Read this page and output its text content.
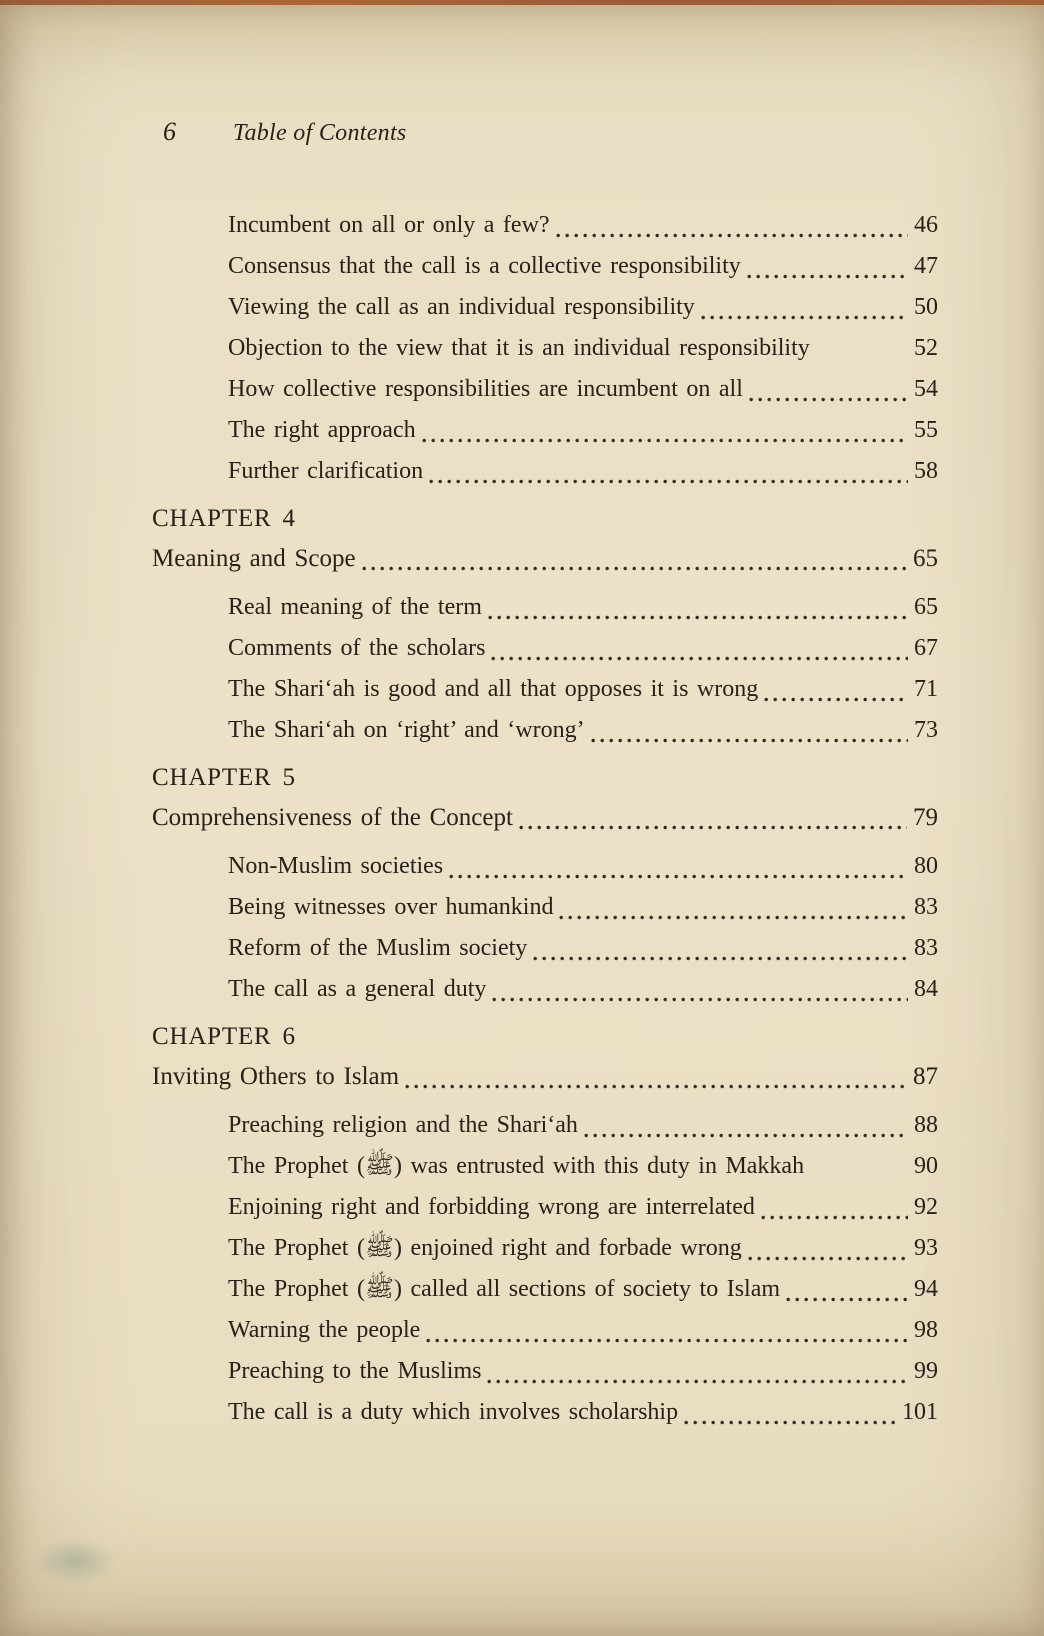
6 Table of Contents
Incumbent on all or only a few?	46
Consensus that the call is a collective responsibility	47
Viewing the call as an individual responsibility	50
Objection to the view that it is an individual responsibility	52
How collective responsibilities are incumbent on all	54
The right approach	55
Further clarification	58
CHAPTER 4
Meaning and Scope	65
Real meaning of the term	65
Comments of the scholars	67
The Shari‘ah is good and all that opposes it is wrong	71
The Shari‘ah on ‘right’ and ‘wrong’	73
CHAPTER 5
Comprehensiveness of the Concept	79
Non-Muslim societies	80
Being witnesses over humankind	83
Reform of the Muslim society	83
The call as a general duty	84
CHAPTER 6
Inviting Others to Islam	87
Preaching religion and the Shari‘ah	88
The Prophet (ﷺ) was entrusted with this duty in Makkah	90
Enjoining right and forbidding wrong are interrelated	92
The Prophet (ﷺ) enjoined right and forbade wrong	93
The Prophet (ﷺ) called all sections of society to Islam	94
Warning the people	98
Preaching to the Muslims	99
The call is a duty which involves scholarship	101
